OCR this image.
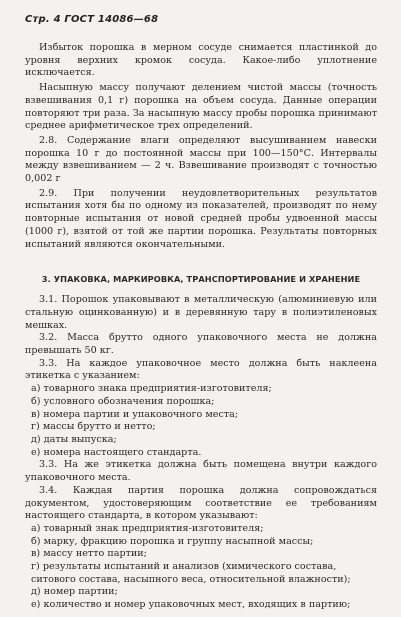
Стр. 4 ГОСТ 14086—68

Избыток порошка в мерном сосуде снимается пластинкой до уровня верхних кромок сосуда. Какое-либо уплотнение исключается.

Насыпную массу получают делением чистой массы (точность взвешивания 0,1 г) порошка на объем сосуда. Данные операции повторяют три раза. За насыпную массу пробы порошка принимают среднее арифметическое трех определений.

2.8. Содержание влаги определяют высушиванием навески порошка 10 г до постоянной массы при 100—150°С. Интервалы между взвешиванием — 2 ч. Взвешивание производят с точностью 0,002 г

2.9. При получении неудовлетворительных результатов испытания хотя бы по одному из показателей, производят по нему повторные испытания от новой средней пробы удвоенной массы (1000 г), взятой от той же партии порошка. Результаты повторных испытаний являются окончательными.

3. УПАКОВКА, МАРКИРОВКА, ТРАНСПОРТИРОВАНИЕ И ХРАНЕНИЕ

3.1. Порошок упаковывают в металлическую (алюминиевую или стальную оцинкованную) и в деревянную тару в полиэтиленовых мешках.

3.2. Масса брутто одного упаковочного места не должна превышать 50 кг.

3.3. На каждое упаковочное место должна быть наклеена этикетка с указанием:

а) товарного знака предприятия-изготовителя;

б) условного обозначения порошка;

в) номера партии и упаковочного места;

г) массы брутто и нетто;

д) даты выпуска;

е) номера настоящего стандарта.

3.3. На же этикетка должна быть помещена внутри каждого упаковочного места.

3.4. Каждая партия порошка должна сопровождаться документом, удостоверяющим соответствие ее требованиям настоящего стандарта, в котором указывают:

а) товарный знак предприятия-изготовителя;

б) марку, фракцию порошка и группу насыпной массы;

в) массу нетто партии;

г) результаты испытаний и анализов (химического состава, ситового состава, насыпного веса, относительной влажности);

д) номер партии;

е) количество и номер упаковочных мест, входящих в партию;
